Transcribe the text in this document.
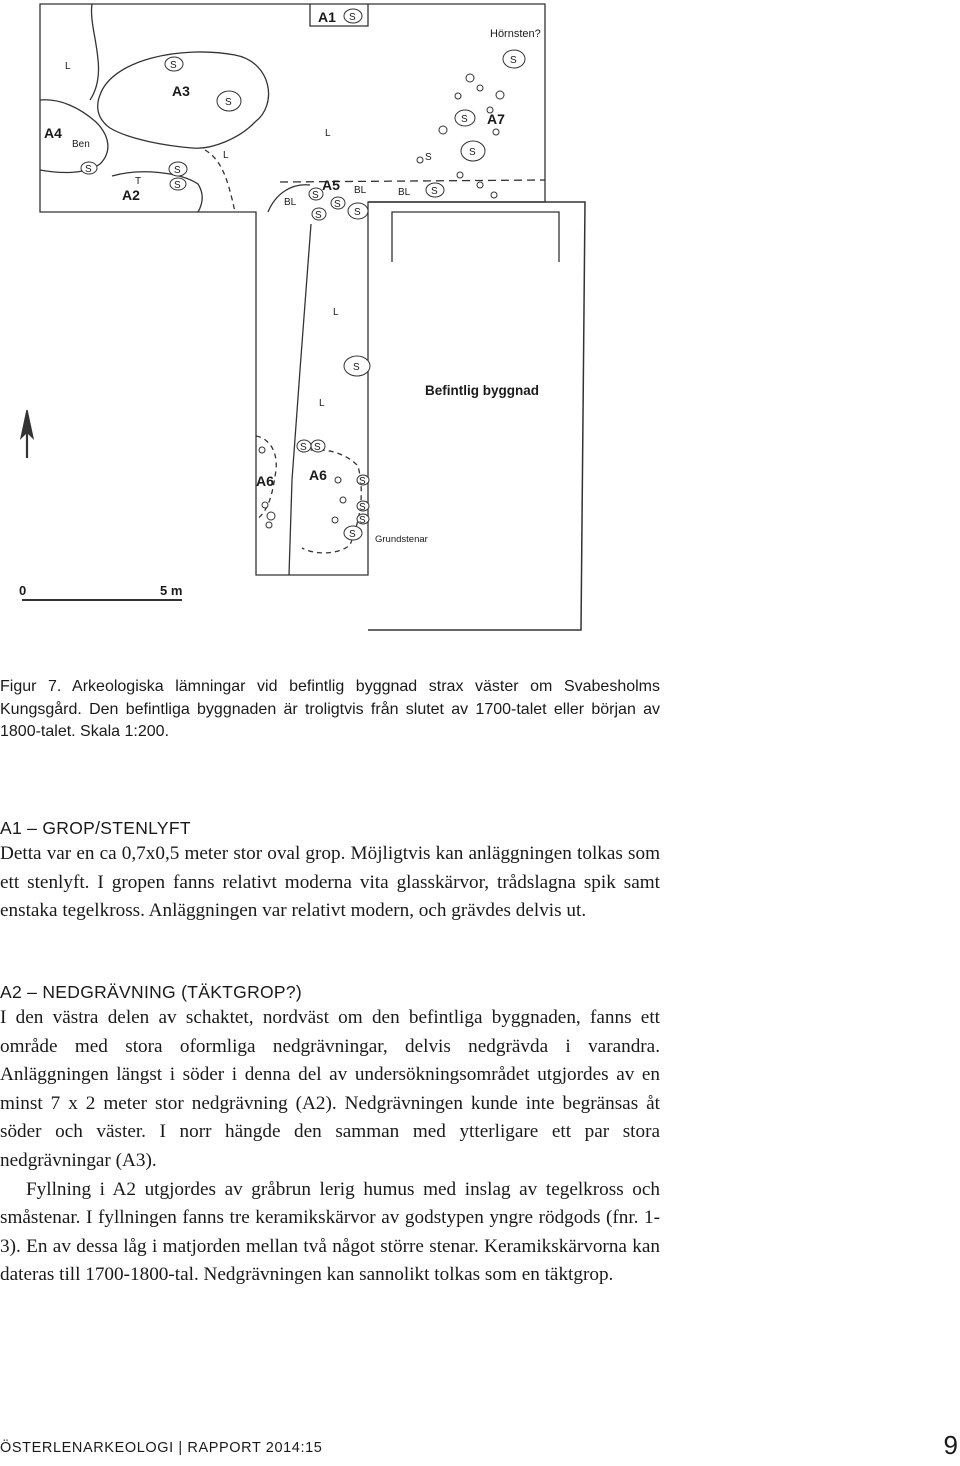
A1
A3
A4
A2
A5
A7
A6	A6
S
S
S
S
S
S
S	S
S
S
S
S	S
S
S
S
S S
S
S
S
S
L
L
L
L
L
BL
BL	BL
T
Ben
Hörnsten?
Grundstenar
Befintlig byggnad
0	5 m
Figur 7. Arkeologiska lämningar vid befintlig byggnad strax väster om Svabesholms Kungsgård. Den befintliga byggnaden är troligtvis från slutet av 1700-talet eller början av 1800-talet. Skala 1:200.
A1 – GROP/STENLYFT

Detta var en ca 0,7x0,5 meter stor oval grop. Möjligtvis kan anläggningen tolkas som ett stenlyft. I gropen fanns relativt moderna vita glasskärvor, trådslagna spik samt enstaka tegelkross. Anläggningen var relativt modern, och grävdes delvis ut.

A2 – NEDGRÄVNING (TÄKTGROP?)

I den västra delen av schaktet, nordväst om den befintliga byggnaden, fanns ett område med stora oformliga nedgrävningar, delvis nedgrävda i varandra. Anläggningen längst i söder i denna del av undersökningsområdet utgjordes av en minst 7 x 2 meter stor nedgrävning (A2). Nedgrävningen kunde inte begränsas åt söder och väster. I norr hängde den samman med ytterligare ett par stora nedgrävningar (A3).

Fyllning i A2 utgjordes av gråbrun lerig humus med inslag av tegelkross och småstenar. I fyllningen fanns tre keramikskärvor av godstypen yngre rödgods (fnr. 1-3). En av dessa låg i matjorden mellan två något större stenar. Keramikskärvorna kan dateras till 1700-1800-tal. Nedgrävningen kan sannolikt tolkas som en täktgrop.

ÖSTERLENARKEOLOGI | RAPPORT 2014:15	9
